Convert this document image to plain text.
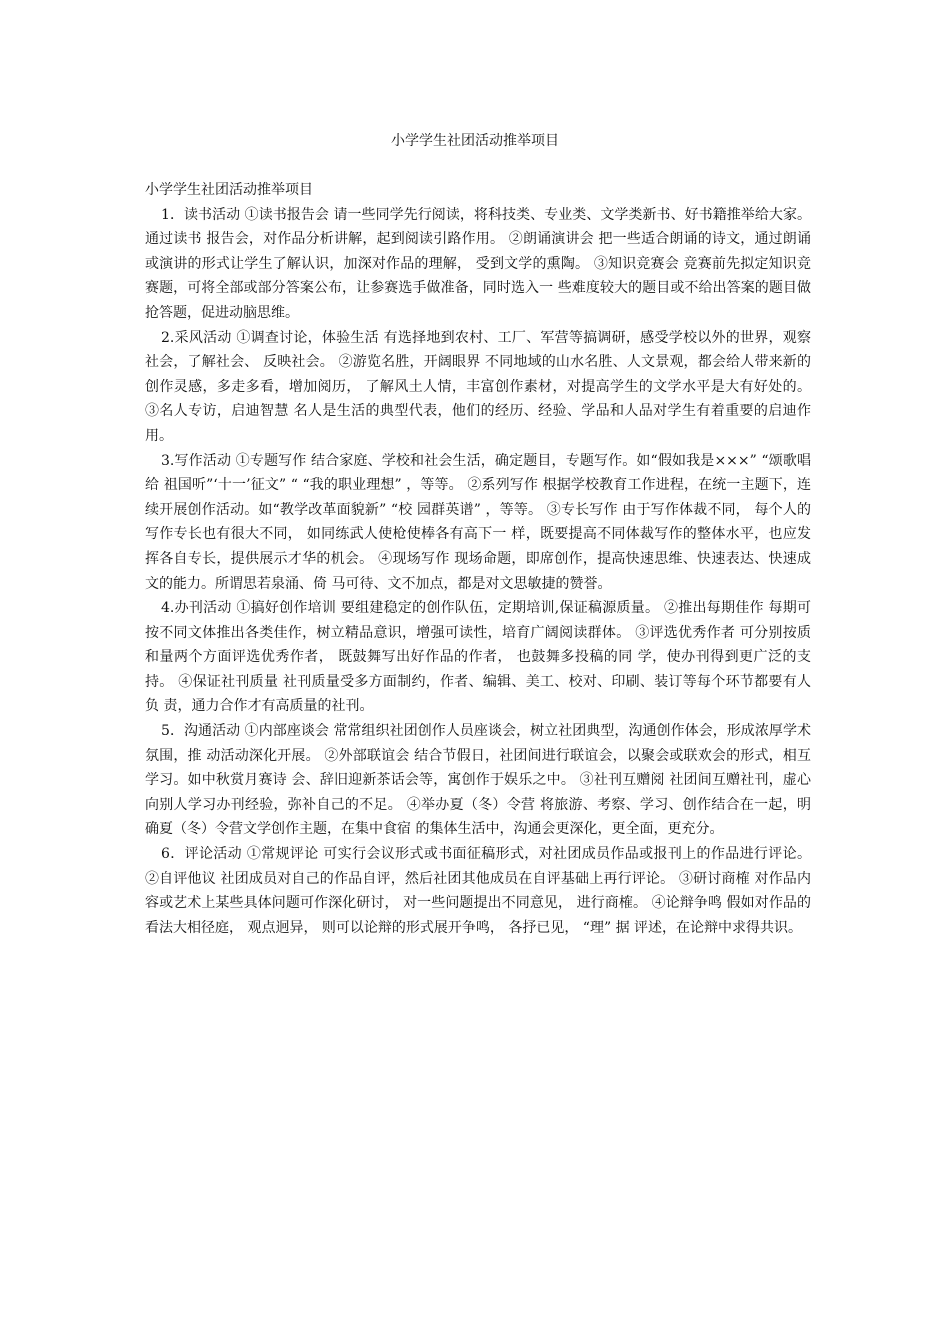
小学学生社团活动推举项目

小学学生社团活动推举项目

1．读书活动 ①读书报告会 请一些同学先行阅读，将科技类、专业类、文学类新书、好书籍推举给大家。通过读书 报告会，对作品分析讲解，起到阅读引路作用。 ②朗诵演讲会 把一些适合朗诵的诗文，通过朗诵或演讲的形式让学生了解认识，加深对作品的理解， 受到文学的熏陶。 ③知识竞赛会 竞赛前先拟定知识竞赛题，可将全部或部分答案公布，让参赛选手做准备，同时选入一 些难度较大的题目或不给出答案的题目做抢答题，促进动脑思维。

2.采风活动 ①调查讨论，体验生活 有选择地到农村、工厂、军营等搞调研，感受学校以外的世界，观察社会，了解社会、 反映社会。 ②游览名胜，开阔眼界 不同地域的山水名胜、人文景观，都会给人带来新的创作灵感，多走多看，增加阅历， 了解风土人情，丰富创作素材，对提高学生的文学水平是大有好处的。 ③名人专访，启迪智慧 名人是生活的典型代表，他们的经历、经验、学品和人品对学生有着重要的启迪作用。

3.写作活动 ①专题写作 结合家庭、学校和社会生活，确定题目，专题写作。如“假如我是×××” “颂歌唱给 祖国听”‘十一’征文” “ “我的职业理想” ，等等。 ②系列写作 根据学校教育工作进程，在统一主题下，连续开展创作活动。如“教学改革面貌新” “校 园群英谱” ，等等。 ③专长写作 由于写作体裁不同， 每个人的写作专长也有很大不同， 如同练武人使枪使棒各有高下一 样，既要提高不同体裁写作的整体水平，也应发挥各自专长，提供展示才华的机会。 ④现场写作 现场命题，即席创作，提高快速思维、快速表达、快速成文的能力。所谓思若泉涌、倚 马可待、文不加点，都是对文思敏捷的赞誉。

4.办刊活动 ①搞好创作培训 要组建稳定的创作队伍，定期培训,保证稿源质量。 ②推出每期佳作 每期可按不同文体推出各类佳作，树立精品意识，增强可读性，培育广阔阅读群体。 ③评选优秀作者 可分别按质和量两个方面评选优秀作者， 既鼓舞写出好作品的作者， 也鼓舞多投稿的同 学，使办刊得到更广泛的支持。 ④保证社刊质量 社刊质量受多方面制约，作者、编辑、美工、校对、印刷、装订等每个环节都要有人负 责，通力合作才有高质量的社刊。

5．沟通活动 ①内部座谈会 常常组织社团创作人员座谈会，树立社团典型，沟通创作体会，形成浓厚学术氛围，推 动活动深化开展。 ②外部联谊会 结合节假日，社团间进行联谊会，以聚会或联欢会的形式，相互学习。如中秋赏月赛诗 会、辞旧迎新茶话会等，寓创作于娱乐之中。 ③社刊互赠阅 社团间互赠社刊，虚心向别人学习办刊经验，弥补自己的不足。 ④举办夏（冬）令营 将旅游、考察、学习、创作结合在一起，明确夏（冬）令营文学创作主题，在集中食宿 的集体生活中，沟通会更深化，更全面，更充分。

6．评论活动 ①常规评论 可实行会议形式或书面征稿形式，对社团成员作品或报刊上的作品进行评论。 ②自评他议 社团成员对自己的作品自评，然后社团其他成员在自评基础上再行评论。 ③研讨商榷 对作品内容或艺术上某些具体问题可作深化研讨， 对一些问题提出不同意见， 进行商榷。 ④论辩争鸣 假如对作品的看法大相径庭， 观点迥异， 则可以论辩的形式展开争鸣， 各抒已见， “理” 据 评述，在论辩中求得共识。
